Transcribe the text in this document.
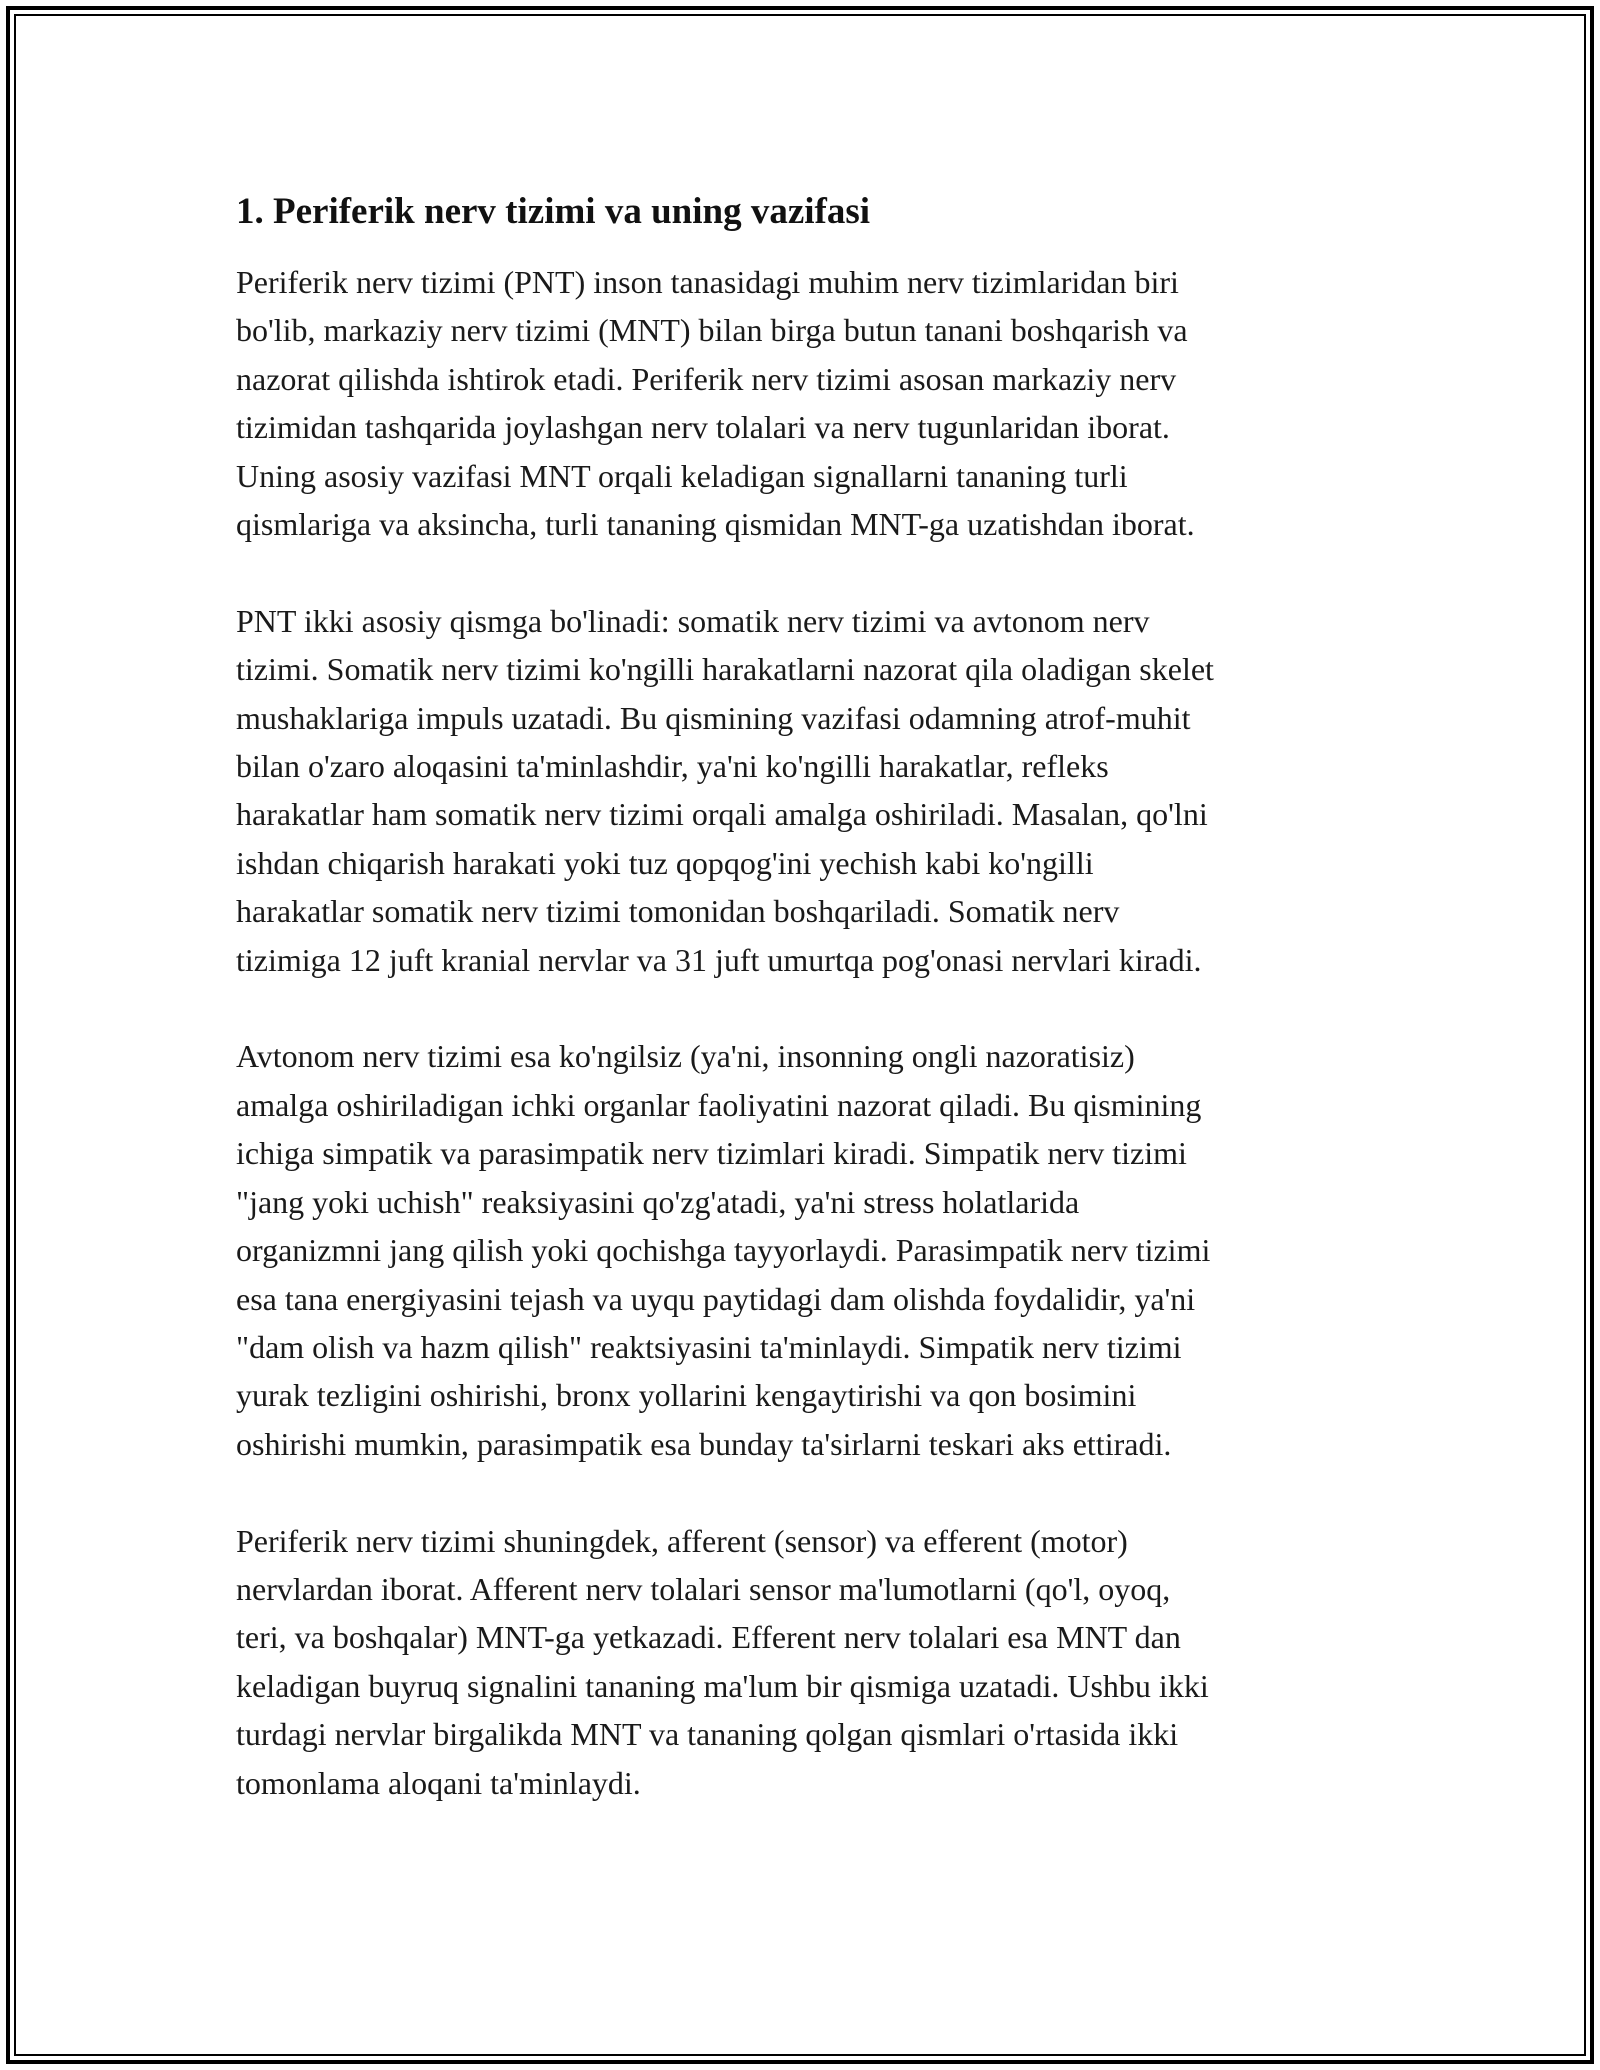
1. Periferik nerv tizimi va uning vazifasi

Periferik nerv tizimi (PNT) inson tanasidagi muhim nerv tizimlaridan biri
bo'lib, markaziy nerv tizimi (MNT) bilan birga butun tanani boshqarish va
nazorat qilishda ishtirok etadi. Periferik nerv tizimi asosan markaziy nerv
tizimidan tashqarida joylashgan nerv tolalari va nerv tugunlaridan iborat.
Uning asosiy vazifasi MNT orqali keladigan signallarni tananing turli
qismlariga va aksincha, turli tananing qismidan MNT-ga uzatishdan iborat.

PNT ikki asosiy qismga bo'linadi: somatik nerv tizimi va avtonom nerv
tizimi. Somatik nerv tizimi ko'ngilli harakatlarni nazorat qila oladigan skelet
mushaklariga impuls uzatadi. Bu qismining vazifasi odamning atrof-muhit
bilan o'zaro aloqasini ta'minlashdir, ya'ni ko'ngilli harakatlar, refleks
harakatlar ham somatik nerv tizimi orqali amalga oshiriladi. Masalan, qo'lni
ishdan chiqarish harakati yoki tuz qopqog'ini yechish kabi ko'ngilli
harakatlar somatik nerv tizimi tomonidan boshqariladi. Somatik nerv
tizimiga 12 juft kranial nervlar va 31 juft umurtqa pog'onasi nervlari kiradi.

Avtonom nerv tizimi esa ko'ngilsiz (ya'ni, insonning ongli nazoratisiz)
amalga oshiriladigan ichki organlar faoliyatini nazorat qiladi. Bu qismining
ichiga simpatik va parasimpatik nerv tizimlari kiradi. Simpatik nerv tizimi
"jang yoki uchish" reaksiyasini qo'zg'atadi, ya'ni stress holatlarida
organizmni jang qilish yoki qochishga tayyorlaydi. Parasimpatik nerv tizimi
esa tana energiyasini tejash va uyqu paytidagi dam olishda foydalidir, ya'ni
"dam olish va hazm qilish" reaktsiyasini ta'minlaydi. Simpatik nerv tizimi
yurak tezligini oshirishi, bronx yollarini kengaytirishi va qon bosimini
oshirishi mumkin, parasimpatik esa bunday ta'sirlarni teskari aks ettiradi.

Periferik nerv tizimi shuningdek, afferent (sensor) va efferent (motor)
nervlardan iborat. Afferent nerv tolalari sensor ma'lumotlarni (qo'l, oyoq,
teri, va boshqalar) MNT-ga yetkazadi. Efferent nerv tolalari esa MNT dan
keladigan buyruq signalini tananing ma'lum bir qismiga uzatadi. Ushbu ikki
turdagi nervlar birgalikda MNT va tananing qolgan qismlari o'rtasida ikki
tomonlama aloqani ta'minlaydi.
